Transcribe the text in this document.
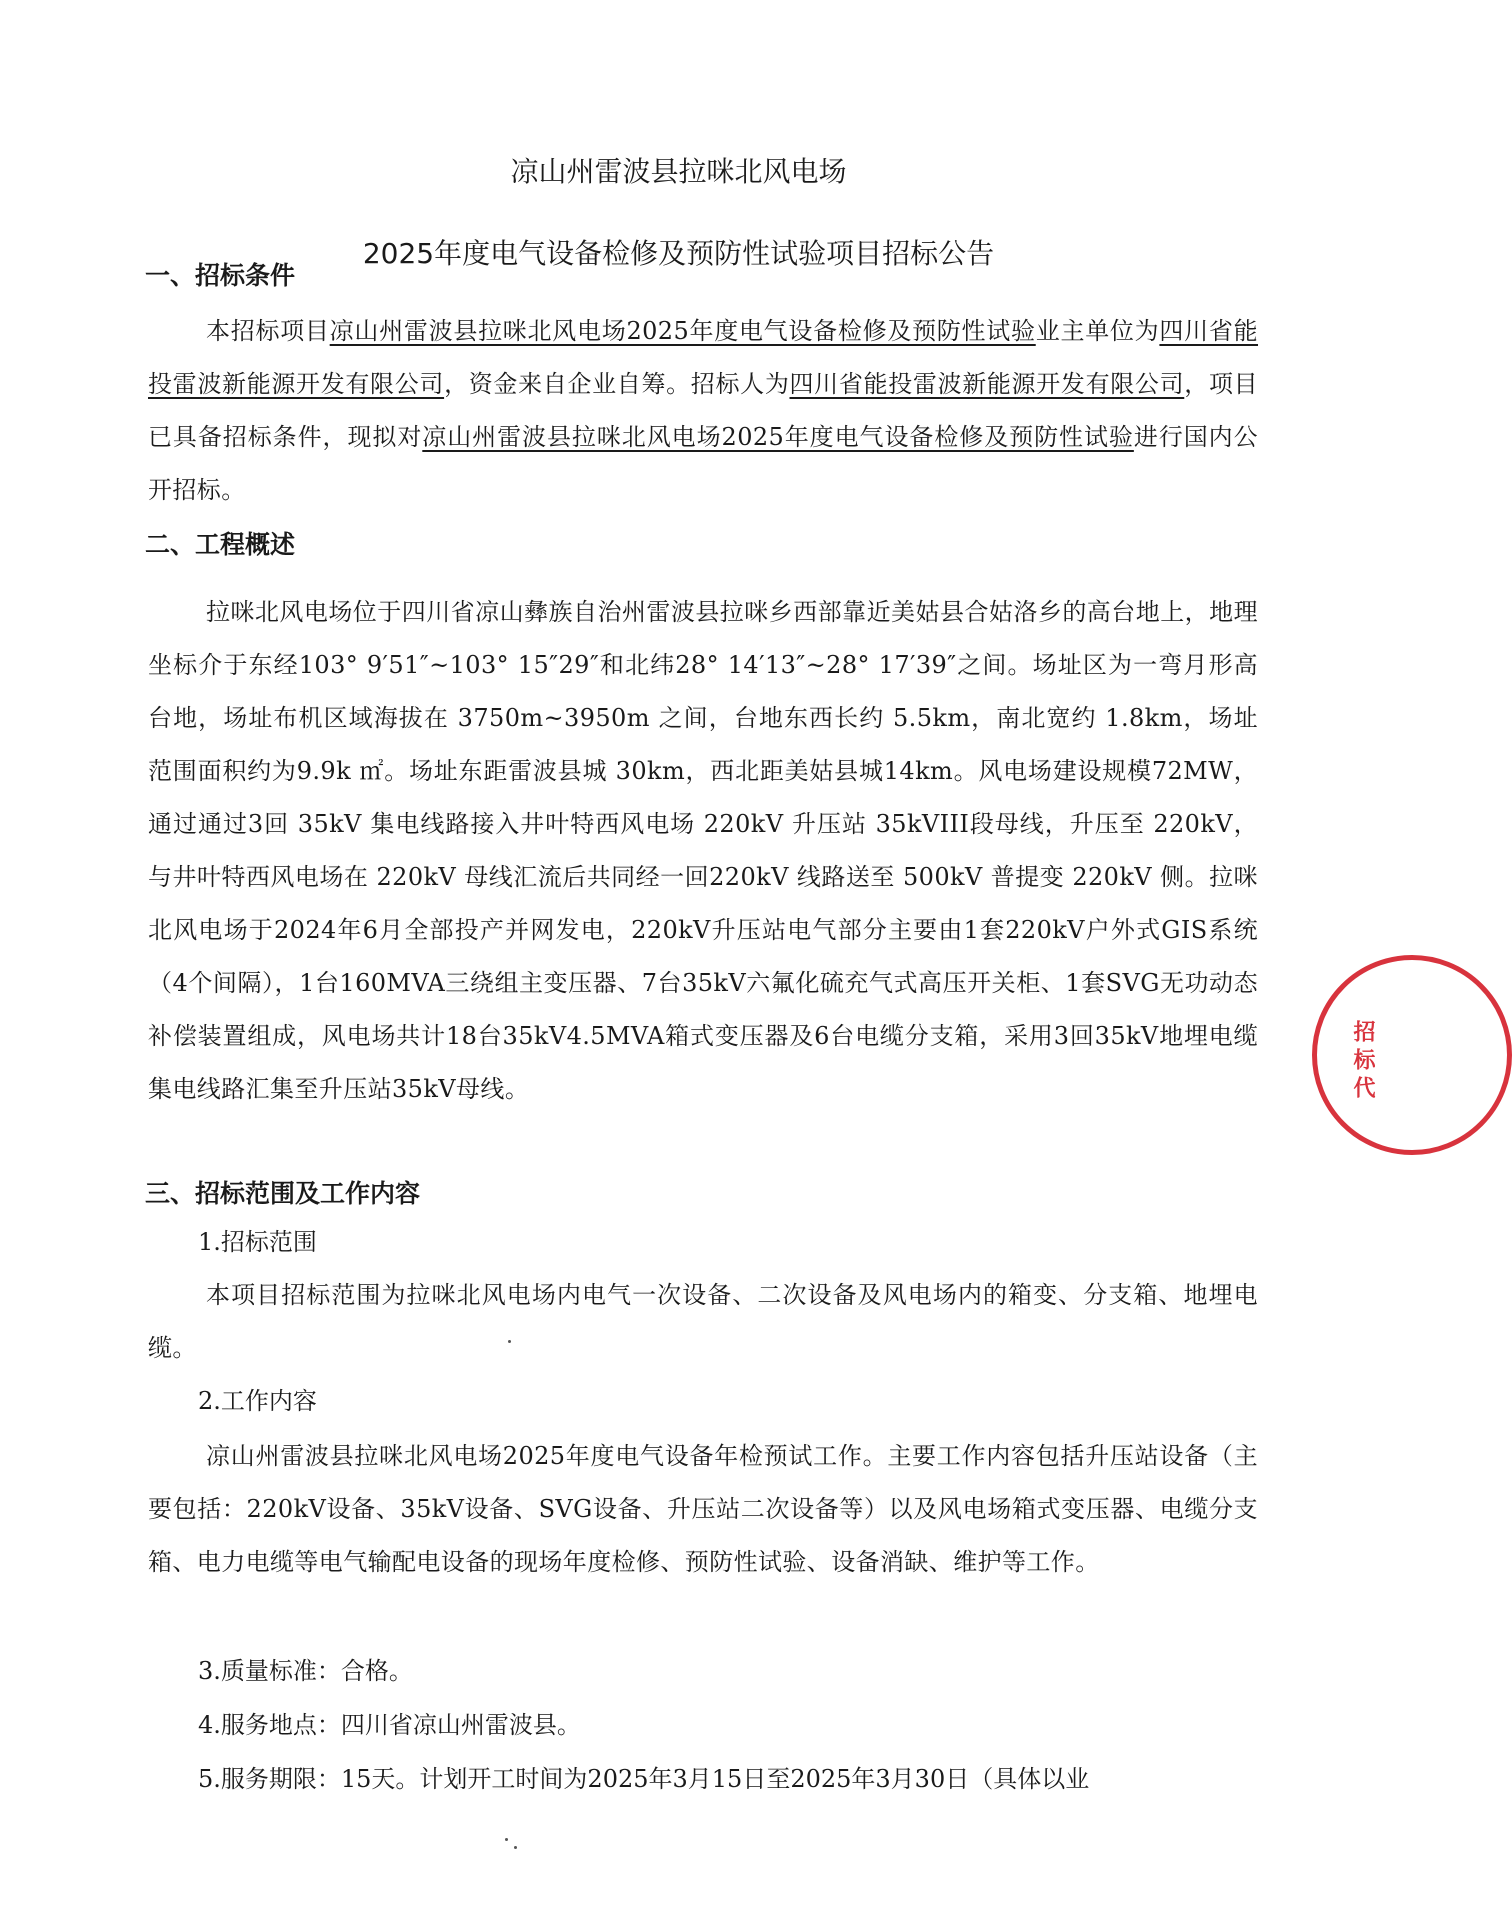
凉山州雷波县拉咪北风电场
2025年度电气设备检修及预防性试验项目招标公告
一、招标条件
本招标项目凉山州雷波县拉咪北风电场2025年度电气设备检修及预防性试验业主单位为四川省能投雷波新能源开发有限公司，资金来自企业自筹。招标人为四川省能投雷波新能源开发有限公司，项目已具备招标条件，现拟对凉山州雷波县拉咪北风电场2025年度电气设备检修及预防性试验进行国内公开招标。
二、工程概述
拉咪北风电场位于四川省凉山彝族自治州雷波县拉咪乡西部靠近美姑县合姑洛乡的高台地上，地理坐标介于东经103° 9′51″~103° 15″29″和北纬28° 14′13″~28° 17′39″之间。场址区为一弯月形高台地，场址布机区域海拔在 3750m~3950m 之间，台地东西长约 5.5km，南北宽约 1.8km，场址范围面积约为9.9k ㎡。场址东距雷波县城 30km，西北距美姑县城14km。风电场建设规模72MW，通过通过3回 35kV 集电线路接入井叶特西风电场 220kV 升压站 35kVIII段母线，升压至 220kV，与井叶特西风电场在 220kV 母线汇流后共同经一回220kV 线路送至 500kV 普提变 220kV 侧。拉咪北风电场于2024年6月全部投产并网发电，220kV升压站电气部分主要由1套220kV户外式GIS系统（4个间隔），1台160MVA三绕组主变压器、7台35kV六氟化硫充气式高压开关柜、1套SVG无功动态补偿装置组成，风电场共计18台35kV4.5MVA箱式变压器及6台电缆分支箱，采用3回35kV地埋电缆集电线路汇集至升压站35kV母线。
三、招标范围及工作内容
1.招标范围
本项目招标范围为拉咪北风电场内电气一次设备、二次设备及风电场内的箱变、分支箱、地埋电缆。
2.工作内容
凉山州雷波县拉咪北风电场2025年度电气设备年检预试工作。主要工作内容包括升压站设备（主要包括：220kV设备、35kV设备、SVG设备、升压站二次设备等）以及风电场箱式变压器、电缆分支箱、电力电缆等电气输配电设备的现场年度检修、预防性试验、设备消缺、维护等工作。
3.质量标准：合格。
4.服务地点：四川省凉山州雷波县。
5.服务期限：15天。计划开工时间为2025年3月15日至2025年3月30日（具体以业
招标代
